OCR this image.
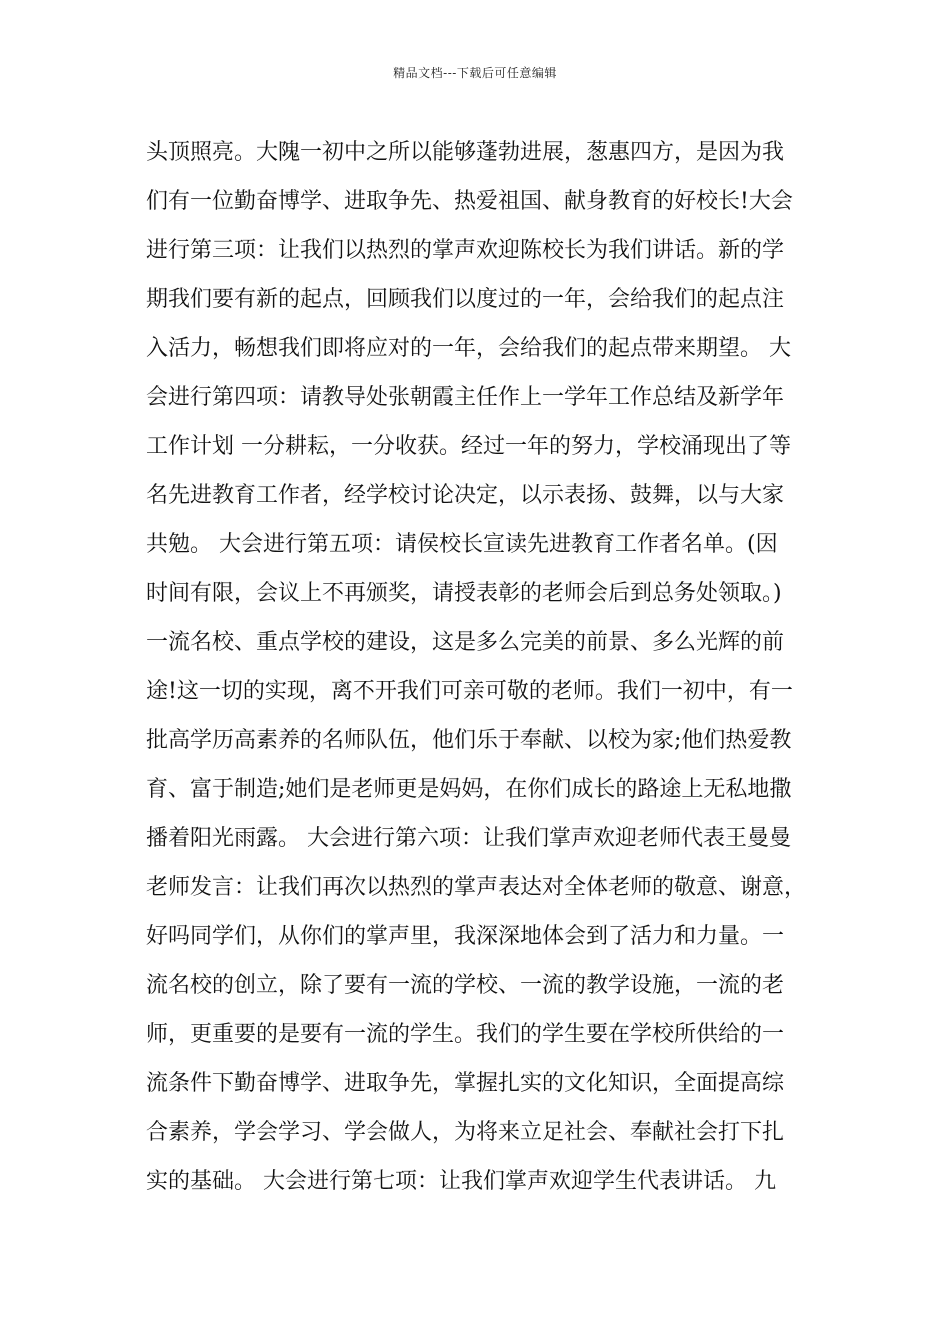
精品文档---下载后可任意编辑
头顶照亮。大隗一初中之所以能够蓬勃进展，葱惠四方，是因为我
们有一位勤奋博学、进取争先、热爱祖国、献身教育的好校长!大会
进行第三项：让我们以热烈的掌声欢迎陈校长为我们讲话。新的学
期我们要有新的起点，回顾我们以度过的一年，会给我们的起点注
入活力，畅想我们即将应对的一年，会给我们的起点带来期望。 大
会进行第四项：请教导处张朝霞主任作上一学年工作总结及新学年
工作计划 一分耕耘，一分收获。经过一年的努力，学校涌现出了等
名先进教育工作者，经学校讨论决定，以示表扬、鼓舞，以与大家
共勉。 大会进行第五项：请侯校长宣读先进教育工作者名单。(因
时间有限，会议上不再颁奖，请授表彰的老师会后到总务处领取。)
一流名校、重点学校的建设，这是多么完美的前景、多么光辉的前
途!这一切的实现，离不开我们可亲可敬的老师。我们一初中，有一
批高学历高素养的名师队伍，他们乐于奉献、以校为家;他们热爱教
育、富于制造;她们是老师更是妈妈，在你们成长的路途上无私地撒
播着阳光雨露。 大会进行第六项：让我们掌声欢迎老师代表王曼曼
老师发言：让我们再次以热烈的掌声表达对全体老师的敬意、谢意，
好吗同学们，从你们的掌声里，我深深地体会到了活力和力量。一
流名校的创立，除了要有一流的学校、一流的教学设施，一流的老
师，更重要的是要有一流的学生。我们的学生要在学校所供给的一
流条件下勤奋博学、进取争先，掌握扎实的文化知识，全面提高综
合素养，学会学习、学会做人，为将来立足社会、奉献社会打下扎
实的基础。 大会进行第七项：让我们掌声欢迎学生代表讲话。 九
